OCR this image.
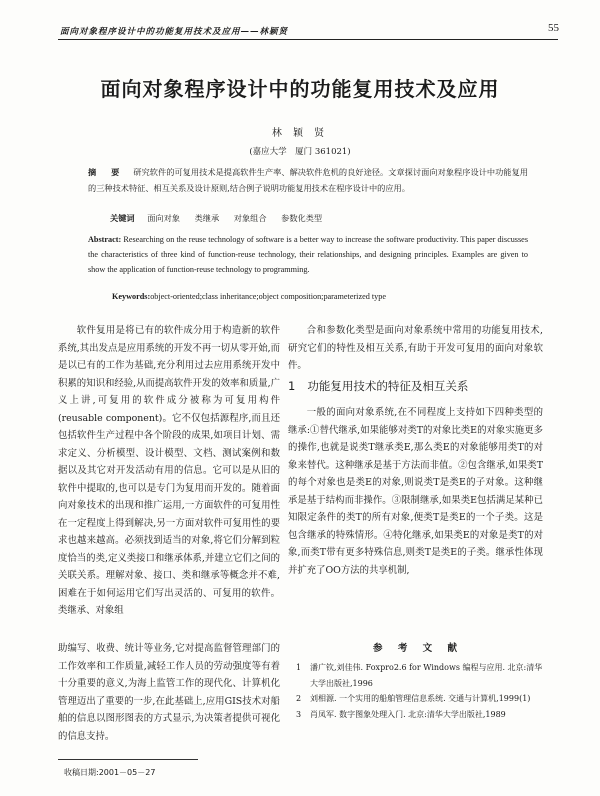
面向对象程序设计中的功能复用技术及应用——林颖贤	55
面向对象程序设计中的功能复用技术及应用
林 颖 贤
(嘉应大学　厦门 361021)
摘 要 研究软件的可复用技术是提高软件生产率、解决软件危机的良好途径。文章探讨面向对象程序设计中功能复用的三种技术特征、相互关系及设计原则,结合例子说明功能复用技术在程序设计中的应用。
关键词 面向对象 类继承 对象组合 参数化类型
Abstract: Researching on the reuse technology of software is a better way to increase the software productivity. This paper discusses the characteristics of three kind of function-reuse technology, their relationships, and designing principles. Examples are given to show the application of function-reuse technology to programming.
Keywords:object-oriented;class inheritance;object composition;parameterized type

软件复用是将已有的软件成分用于构造新的软件系统,其出发点是应用系统的开发不再一切从零开始,而是以已有的工作为基础,充分利用过去应用系统开发中积累的知识和经验,从而提高软件开发的效率和质量,广义上讲,可复用的软件成分被称为可复用构件(reusable component)。它不仅包括源程序,而且还包括软件生产过程中各个阶段的成果,如项目计划、需求定义、分析模型、设计模型、文档、测试案例和数据以及其它对开发活动有用的信息。它可以是从旧的软件中提取的,也可以是专门为复用而开发的。随着面向对象技术的出现和推广运用,一方面软件的可复用性在一定程度上得到解决,另一方面对软件可复用性的要求也越来越高。必须找到适当的对象,将它们分解到粒度恰当的类,定义类接口和继承体系,并建立它们之间的关联关系。理解对象、接口、类和继承等概念并不难,困难在于如何运用它们写出灵活的、可复用的软件。类继承、对象组

合和参数化类型是面向对象系统中常用的功能复用技术,研究它们的特性及相互关系,有助于开发可复用的面向对象软件。

1 功能复用技术的特征及相互关系

一般的面向对象系统,在不同程度上支持如下四种类型的继承:①替代继承,如果能够对类T的对象比类E的对象实施更多的操作,也就是说类T继承类E,那么类E的对象能够用类T的对象来替代。这种继承是基于方法而非值。②包含继承,如果类T的每个对象也是类E的对象,则说类T是类E的子对象。这种继承是基于结构而非操作。③限制继承,如果类E包括满足某种已知限定条件的类T的所有对象,便类T是类E的一个子类。这是包含继承的特殊情形。④特化继承,如果类E的对象是类T的对象,而类T带有更多特殊信息,则类T是类E的子类。继承性体现并扩充了OO方法的共享机制,

助编写、收费、统计等业务,它对提高监督管理部门的工作效率和工作质量,减轻工作人员的劳动强度等有着十分重要的意义,为海上监管工作的现代化、计算机化管理迈出了重要的一步,在此基础上,应用GIS技术对船舶的信息以图形图表的方式显示,为决策者提供可视化的信息支持。

参 考 文 献
1 潘广钦,刘佳伟. Foxpro2.6 for Windows 编程与应用. 北京:清华大学出版社,1996
2 刘相源. 一个实用的船舶管理信息系统. 交通与计算机,1999(1)
3 肖凤军. 数字图象处理入门. 北京:清华大学出版社,1989
收稿日期:2001－05－27
